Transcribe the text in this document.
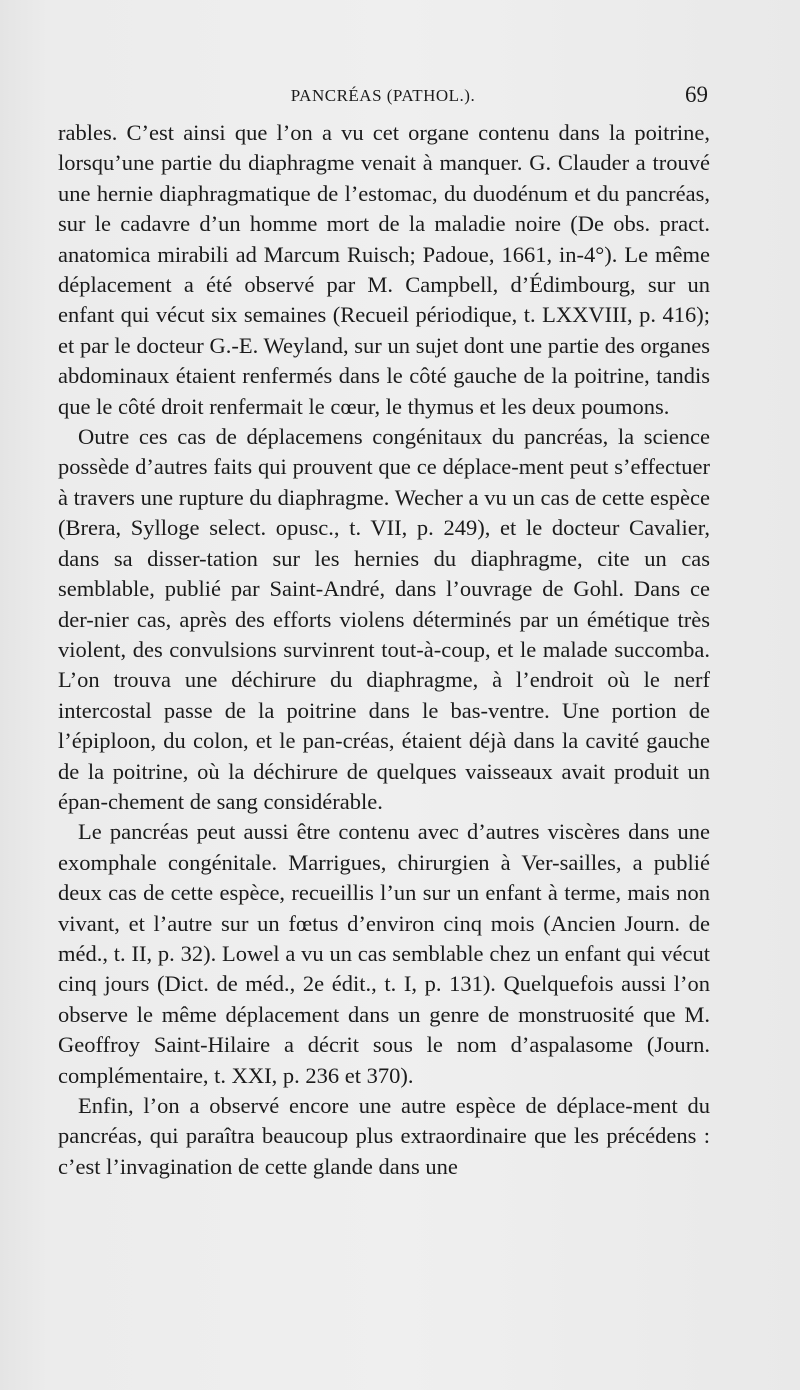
PANCRÉAS (PATHOL.).	69

rables. C’est ainsi que l’on a vu cet organe contenu dans la poitrine, lorsqu’une partie du diaphragme venait à manquer. G. Clauder a trouvé une hernie diaphragmatique de l’estomac, du duodénum et du pancréas, sur le cadavre d’un homme mort de la maladie noire (De obs. pract. anatomica mirabili ad Marcum Ruisch; Padoue, 1661, in-4°). Le même déplacement a été observé par M. Campbell, d’Édimbourg, sur un enfant qui vécut six semaines (Recueil périodique, t. LXXVIII, p. 416); et par le docteur G.-E. Weyland, sur un sujet dont une partie des organes abdominaux étaient renfermés dans le côté gauche de la poitrine, tandis que le côté droit renfermait le cœur, le thymus et les deux poumons.

Outre ces cas de déplacemens congénitaux du pancréas, la science possède d’autres faits qui prouvent que ce déplace-ment peut s’effectuer à travers une rupture du diaphragme. Wecher a vu un cas de cette espèce (Brera, Sylloge select. opusc., t. VII, p. 249), et le docteur Cavalier, dans sa disser-tation sur les hernies du diaphragme, cite un cas semblable, publié par Saint-André, dans l’ouvrage de Gohl. Dans ce der-nier cas, après des efforts violens déterminés par un émétique très violent, des convulsions survinrent tout-à-coup, et le malade succomba. L’on trouva une déchirure du diaphragme, à l’endroit où le nerf intercostal passe de la poitrine dans le bas-ventre. Une portion de l’épiploon, du colon, et le pan-créas, étaient déjà dans la cavité gauche de la poitrine, où la déchirure de quelques vaisseaux avait produit un épan-chement de sang considérable.

Le pancréas peut aussi être contenu avec d’autres viscères dans une exomphale congénitale. Marrigues, chirurgien à Ver-sailles, a publié deux cas de cette espèce, recueillis l’un sur un enfant à terme, mais non vivant, et l’autre sur un fœtus d’environ cinq mois (Ancien Journ. de méd., t. II, p. 32). Lowel a vu un cas semblable chez un enfant qui vécut cinq jours (Dict. de méd., 2e édit., t. I, p. 131). Quelquefois aussi l’on observe le même déplacement dans un genre de monstruosité que M. Geoffroy Saint-Hilaire a décrit sous le nom d’aspalasome (Journ. complémentaire, t. XXI, p. 236 et 370).

Enfin, l’on a observé encore une autre espèce de déplace-ment du pancréas, qui paraîtra beaucoup plus extraordinaire que les précédens : c’est l’invagination de cette glande dans une
